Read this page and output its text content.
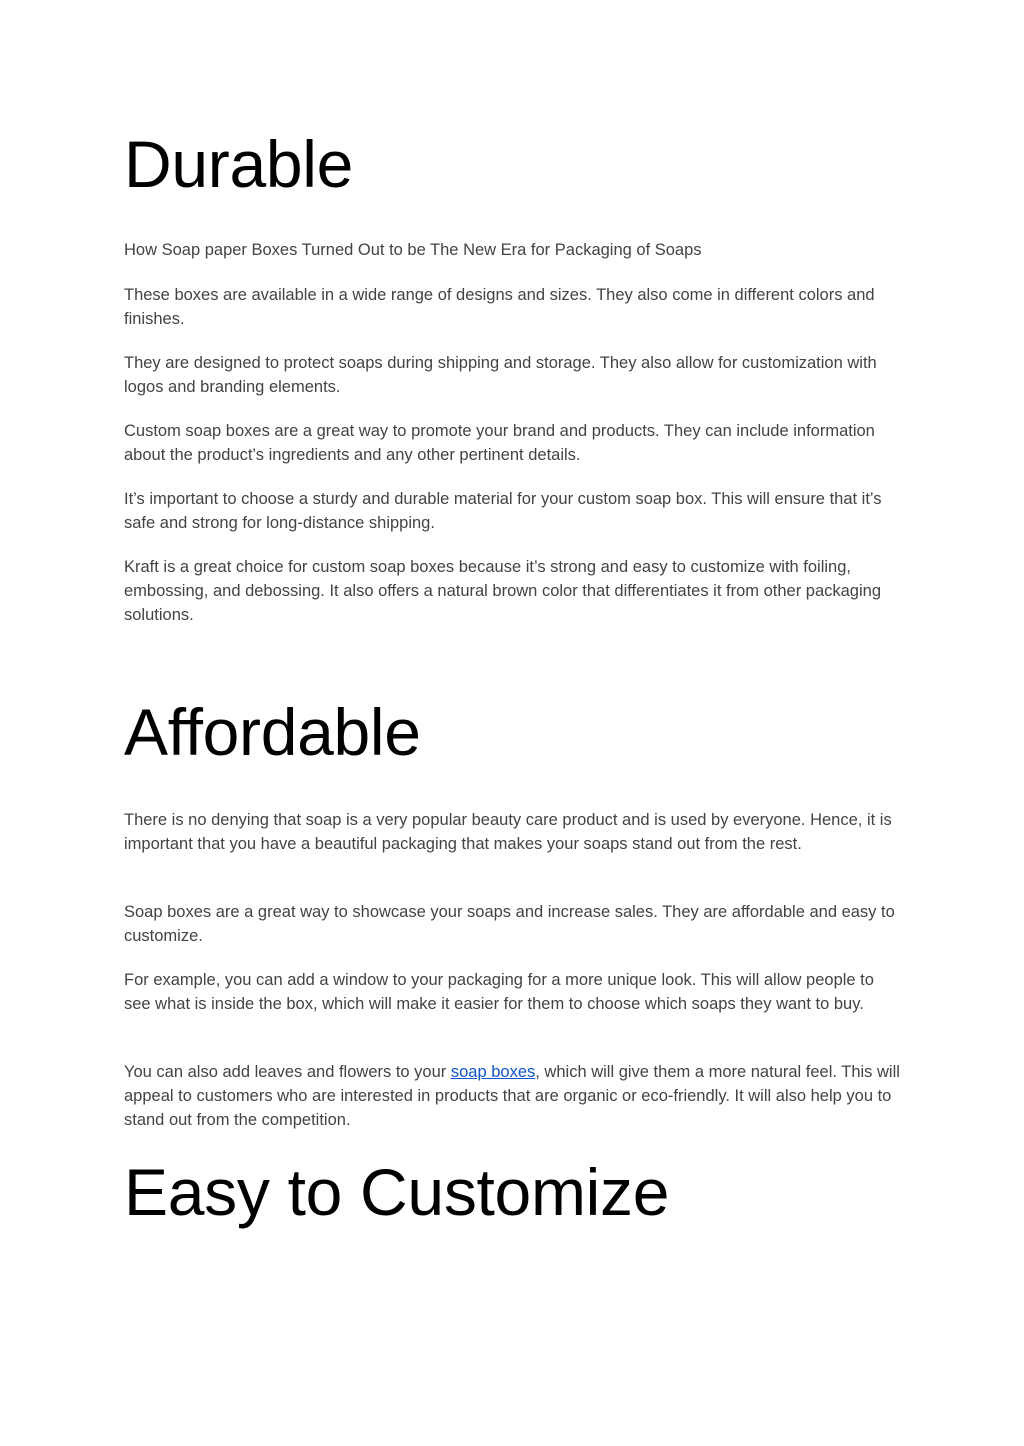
Durable

How Soap paper Boxes Turned Out to be The New Era for Packaging of Soaps

These boxes are available in a wide range of designs and sizes. They also come in different colors and finishes.

They are designed to protect soaps during shipping and storage. They also allow for customization with logos and branding elements.

Custom soap boxes are a great way to promote your brand and products. They can include information about the product’s ingredients and any other pertinent details.

It’s important to choose a sturdy and durable material for your custom soap box. This will ensure that it’s safe and strong for long-distance shipping.

Kraft is a great choice for custom soap boxes because it’s strong and easy to customize with foiling, embossing, and debossing. It also offers a natural brown color that differentiates it from other packaging solutions.

Affordable

There is no denying that soap is a very popular beauty care product and is used by everyone. Hence, it is important that you have a beautiful packaging that makes your soaps stand out from the rest.

Soap boxes are a great way to showcase your soaps and increase sales. They are affordable and easy to customize.

For example, you can add a window to your packaging for a more unique look. This will allow people to see what is inside the box, which will make it easier for them to choose which soaps they want to buy.

You can also add leaves and flowers to your soap boxes, which will give them a more natural feel. This will appeal to customers who are interested in products that are organic or eco-friendly. It will also help you to stand out from the competition.

Easy to Customize
